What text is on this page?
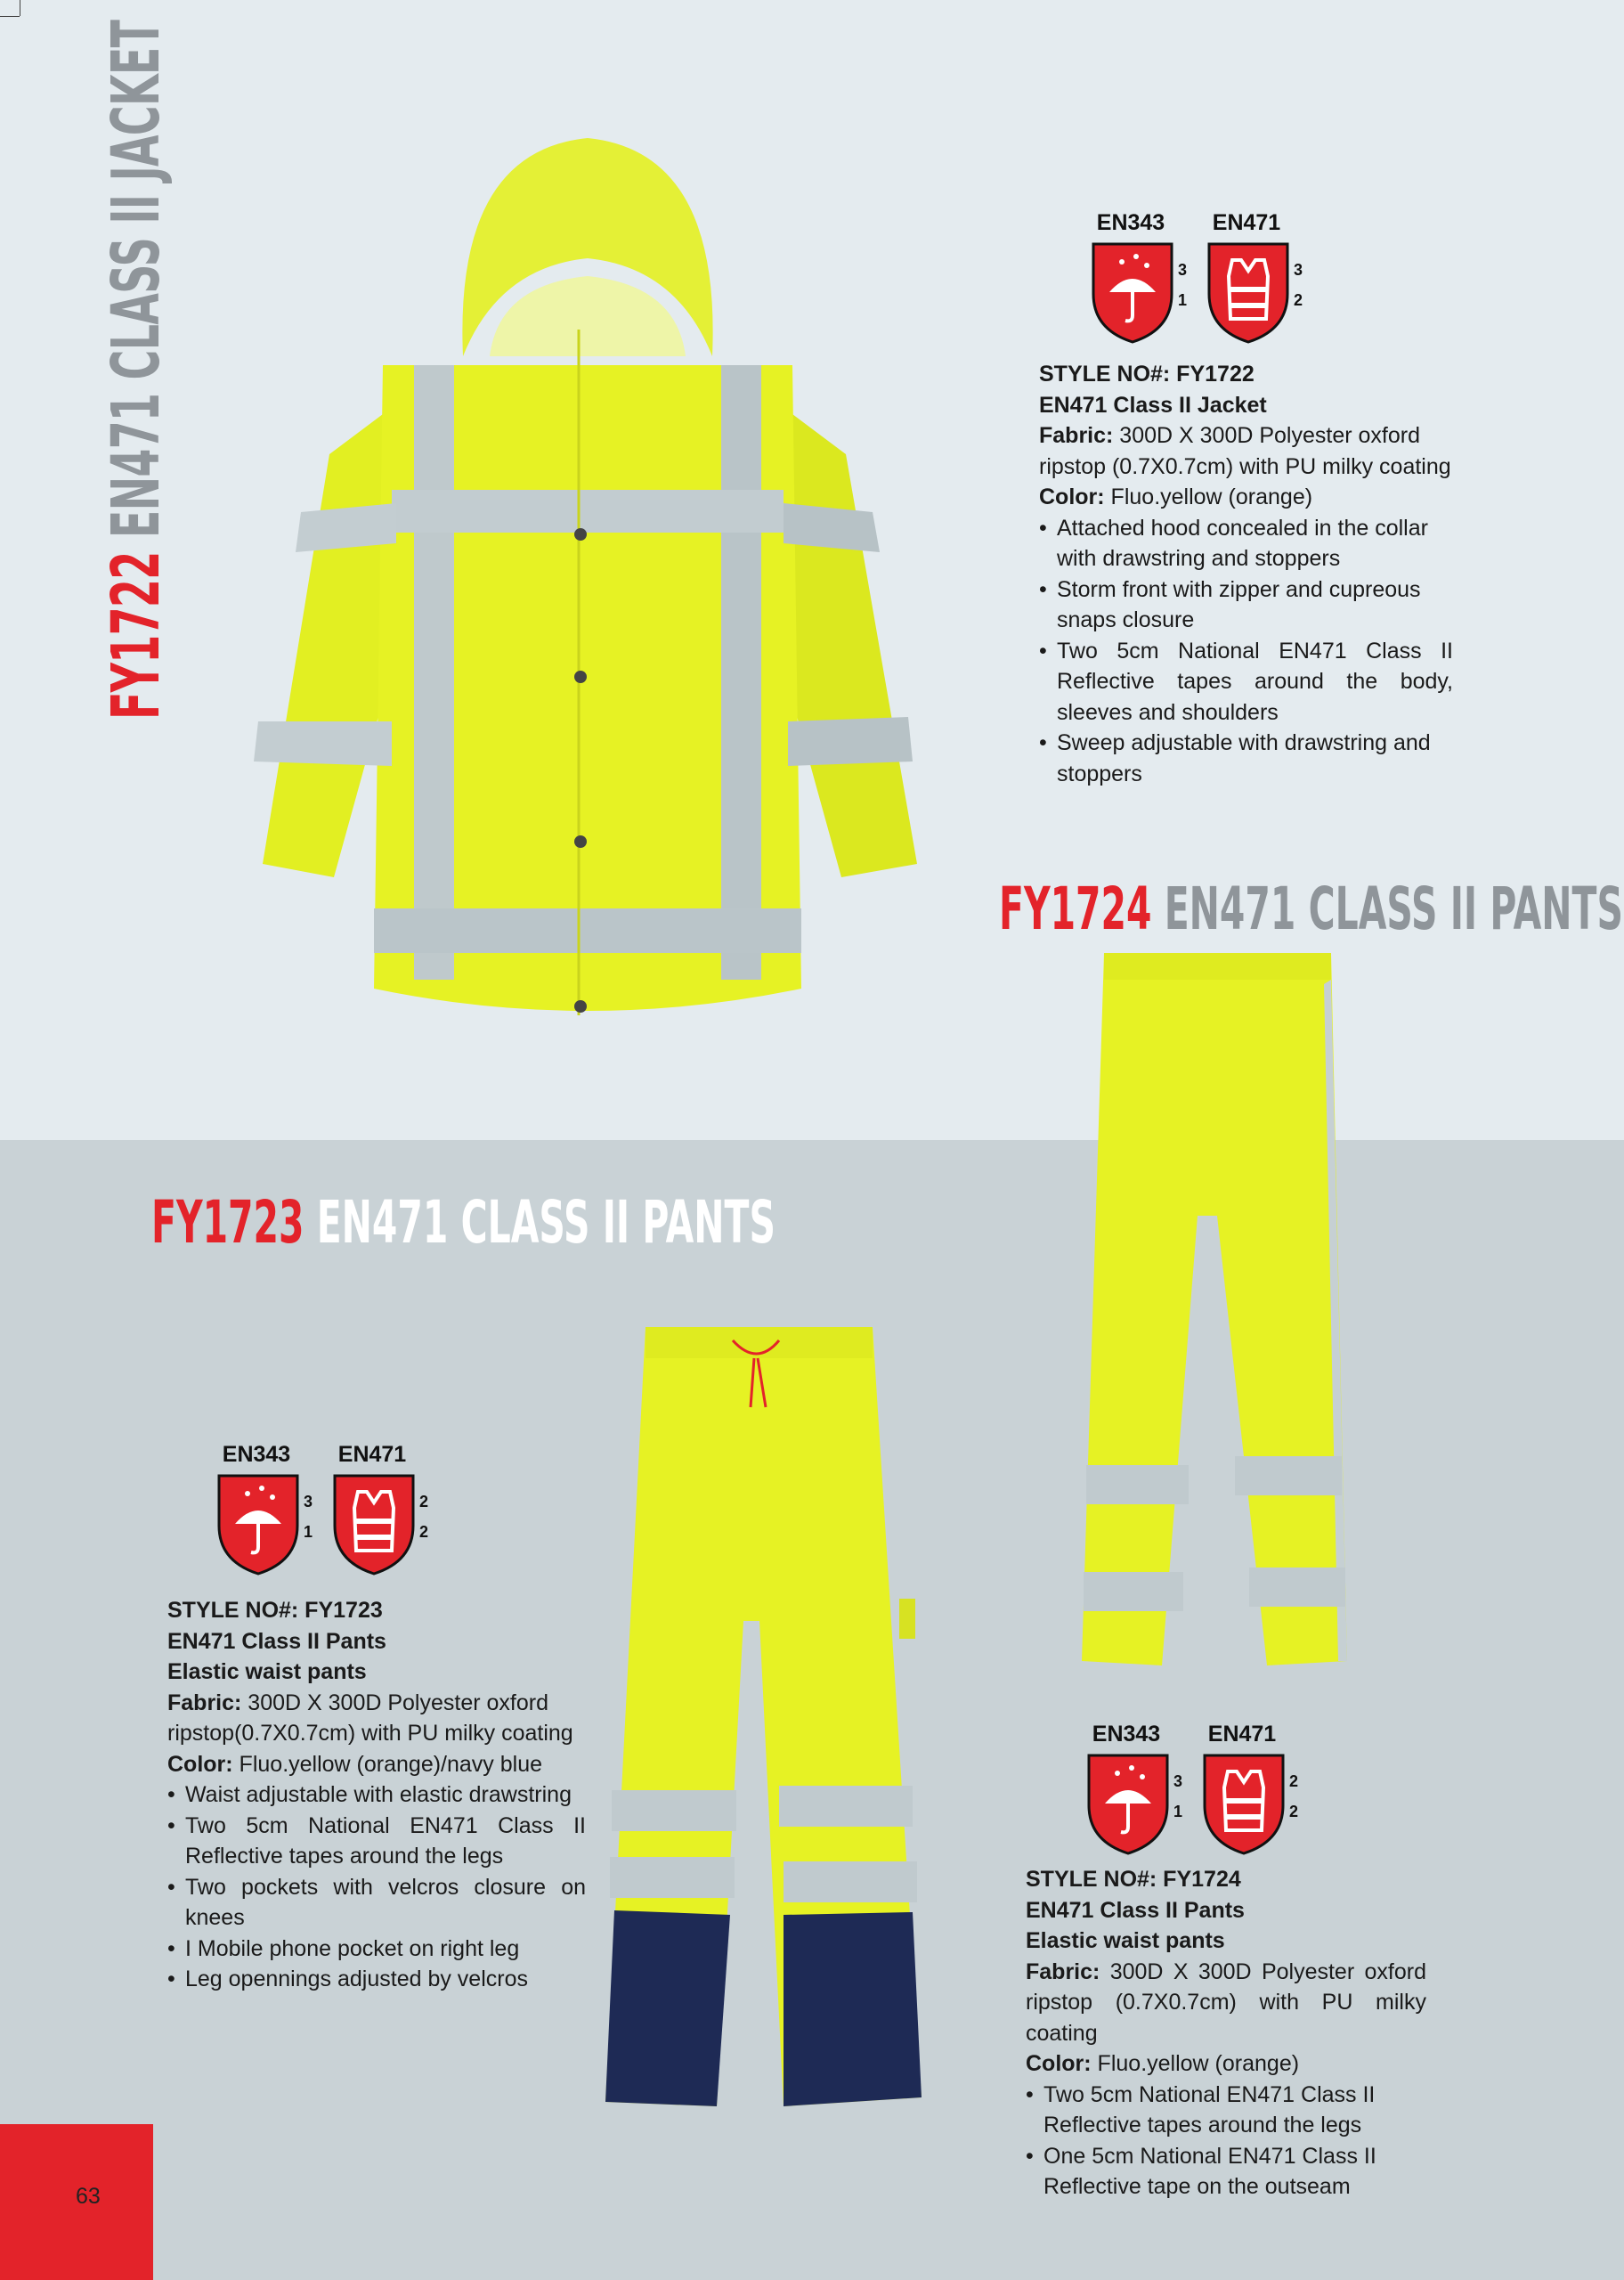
FY1722 EN471 CLASS II JACKET	EN343
3
1
EN471
3
2

STYLE NO#: FY1722

EN471 Class II Jacket

Fabric: 300D X 300D Polyester oxford ripstop (0.7X0.7cm) with PU milky coating

Color: Fluo.yellow (orange)

• Attached hood concealed in the collar with drawstring and stoppers
• Storm front with zipper and cupreous snaps closure
• Two 5cm National EN471 Class II Reflective tapes around the body, sleeves and shoulders
• Sweep adjustable with drawstring and stoppers
FY1724 EN471 CLASS II PANTS
EN343
3
1
EN471
2
2

STYLE NO#: FY1724

EN471 Class II Pants

Elastic waist pants

Fabric: 300D X 300D Polyester oxford ripstop (0.7X0.7cm) with PU milky coating

Color: Fluo.yellow (orange)

• Two 5cm National EN471 Class II Reflective tapes around the legs
• One 5cm National EN471 Class II Reflective tape on the outseam
FY1723 EN471 CLASS II PANTS
EN343
3
1
EN471
2
2

STYLE NO#: FY1723

EN471 Class II Pants

Elastic waist pants

Fabric: 300D X 300D Polyester oxford ripstop(0.7X0.7cm) with PU milky coating

Color: Fluo.yellow (orange)/navy blue

• Waist adjustable with elastic drawstring
• Two 5cm National EN471 Class II Reflective tapes around the legs
• Two pockets with velcros closure on knees
• I Mobile phone pocket on right leg
• Leg opennings adjusted by velcros
63
